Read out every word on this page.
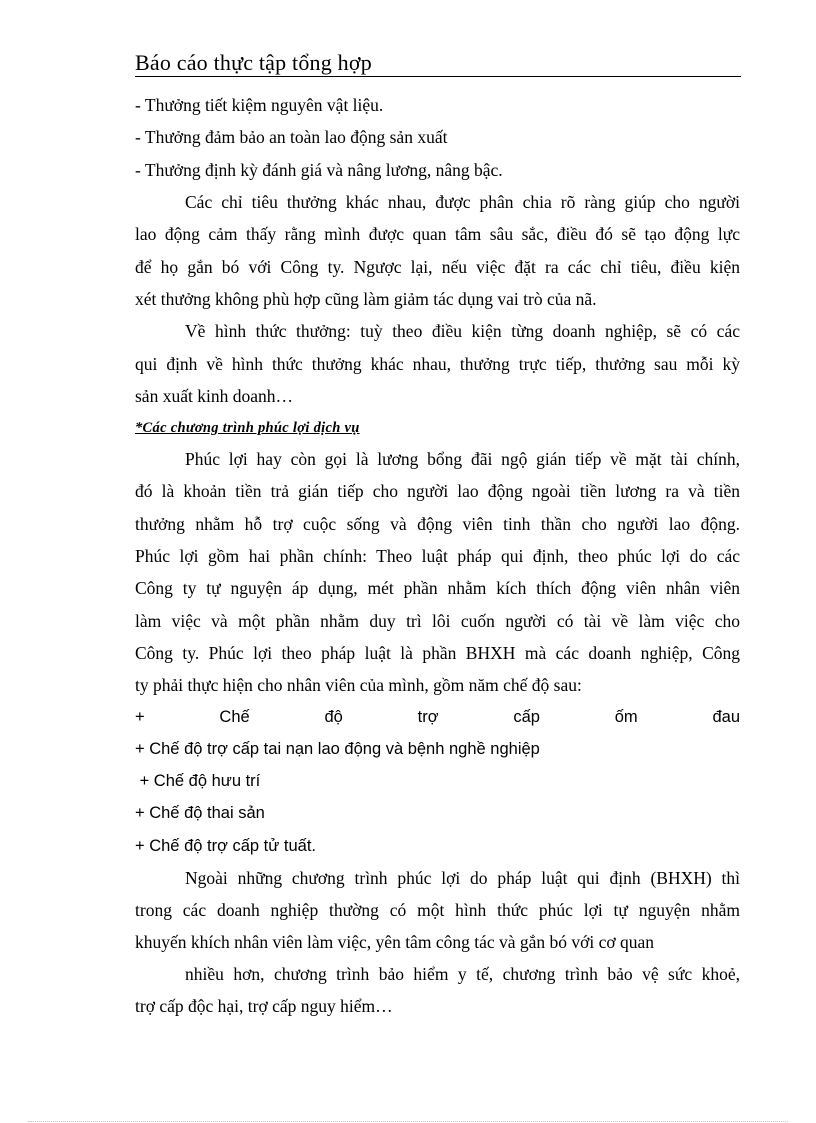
Báo cáo thực tập tổng hợp
- Thưởng tiết kiệm nguyên vật liệu.
- Thưởng đảm bảo an toàn lao động sản xuất
- Thưởng định kỳ đánh giá và nâng lương, nâng bậc.
Các chỉ tiêu thưởng khác nhau, được phân chia rõ ràng giúp cho người
lao động cảm thấy rằng mình được quan tâm sâu sắc, điều đó sẽ tạo động lực
để họ gắn bó với Công ty. Ngược lại, nếu việc đặt ra các chỉ tiêu, điều kiện
xét thưởng không phù hợp cũng làm giảm tác dụng vai trò của nã.
Về hình thức thưởng: tuỳ theo điều kiện từng doanh nghiệp, sẽ có các
qui định về hình thức thưởng khác nhau, thưởng trực tiếp, thưởng sau mỗi kỳ
sản xuất kinh doanh…
*Các chương trình phúc lợi dịch vụ
Phúc lợi hay còn gọi là lương bổng đãi ngộ gián tiếp về mặt tài chính,
đó là khoản tiền trả gián tiếp cho người lao động ngoài tiền lương ra và tiền
thưởng nhằm hỗ trợ cuộc sống và động viên tinh thần cho người lao động.
Phúc lợi gồm hai phần chính: Theo luật pháp qui định, theo phúc lợi do các
Công ty tự nguyện áp dụng, mét phần nhằm kích thích động viên nhân viên
làm việc và một phần nhằm duy trì lôi cuốn người có tài về làm việc cho
Công ty. Phúc lợi theo pháp luật là phần BHXH mà các doanh nghiệp, Công
ty phải thực hiện cho nhân viên của mình, gồm năm chế độ sau:
+ Chế độ trợ cấp ốm đau
+ Chế độ trợ cấp tai nạn lao động và bệnh nghề nghiệp
+ Chế độ hưu trí
+ Chế độ thai sản
+ Chế độ trợ cấp tử tuất.
Ngoài những chương trình phúc lợi do pháp luật qui định (BHXH) thì
trong các doanh nghiệp thường có một hình thức phúc lợi tự nguyện nhằm
khuyến khích nhân viên làm việc, yên tâm công tác và gắn bó với cơ quan
nhiều hơn, chương trình bảo hiểm y tế, chương trình bảo vệ sức khoẻ,
trợ cấp độc hại, trợ cấp nguy hiểm…
